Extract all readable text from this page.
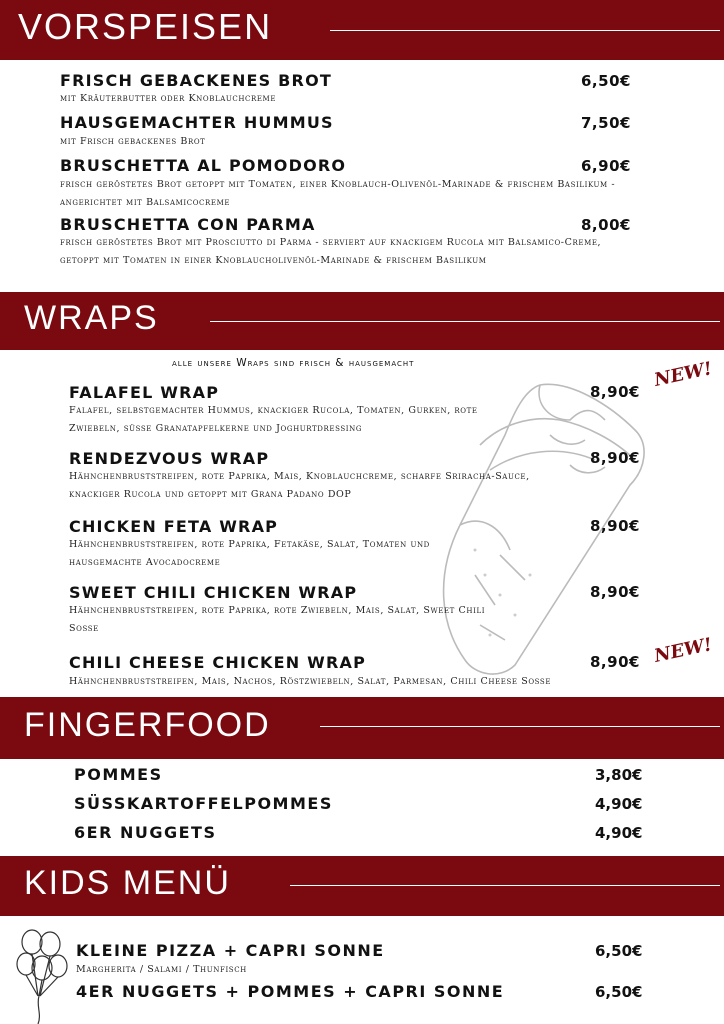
VORSPEISEN
FRISCH GEBACKENES BROT	6,50€
mit Kräuterbutter oder Knoblauchcreme
HAUSGEMACHTER HUMMUS	7,50€
mit Frisch gebackenes Brot
BRUSCHETTA AL POMODORO	6,90€
frisch geröstetes Brot getoppt mit Tomaten, einer Knoblauch-Olivenöl-Marinade & frischem Basilikum - angerichtet mit Balsamicocreme
BRUSCHETTA CON PARMA	8,00€
frisch geröstetes Brot mit Prosciutto di Parma - serviert auf knackigem Rucola mit Balsamico-Creme, getoppt mit Tomaten in einer Knoblaucholivenöl-Marinade & frischem Basilikum
WRAPS
alle unsere Wraps sind frisch & hausgemacht	NEW!
NEW!
FALAFEL WRAP	8,90€
Falafel, selbstgemachter Hummus, knackiger Rucola, Tomaten, Gurken, rote Zwiebeln, süsse Granatapfelkerne und Joghurtdressing
RENDEZVOUS WRAP	8,90€
Hähnchenbruststreifen, rote Paprika, Mais, Knoblauchcreme, scharfe Sriracha-Sauce, knackiger Rucola und getoppt mit Grana Padano DOP
CHICKEN FETA WRAP	8,90€
Hähnchenbruststreifen, rote Paprika, Fetakäse, Salat, Tomaten und hausgemachte Avocadocreme
SWEET CHILI CHICKEN WRAP	8,90€
Hähnchenbruststreifen, rote Paprika, rote Zwiebeln, Mais, Salat, Sweet Chili Sosse
CHILI CHEESE CHICKEN WRAP	8,90€
Hähnchenbruststreifen, Mais, Nachos, Röstzwiebeln, Salat, Parmesan, Chili Cheese Sosse
FINGERFOOD
POMMES	3,80€
SÜSSKARTOFFELPOMMES	4,90€
6ER NUGGETS	4,90€
KIDS MENÜ
KLEINE PIZZA + CAPRI SONNE	6,50€
Margherita / Salami / Thunfisch
4ER NUGGETS + POMMES + CAPRI SONNE	6,50€
